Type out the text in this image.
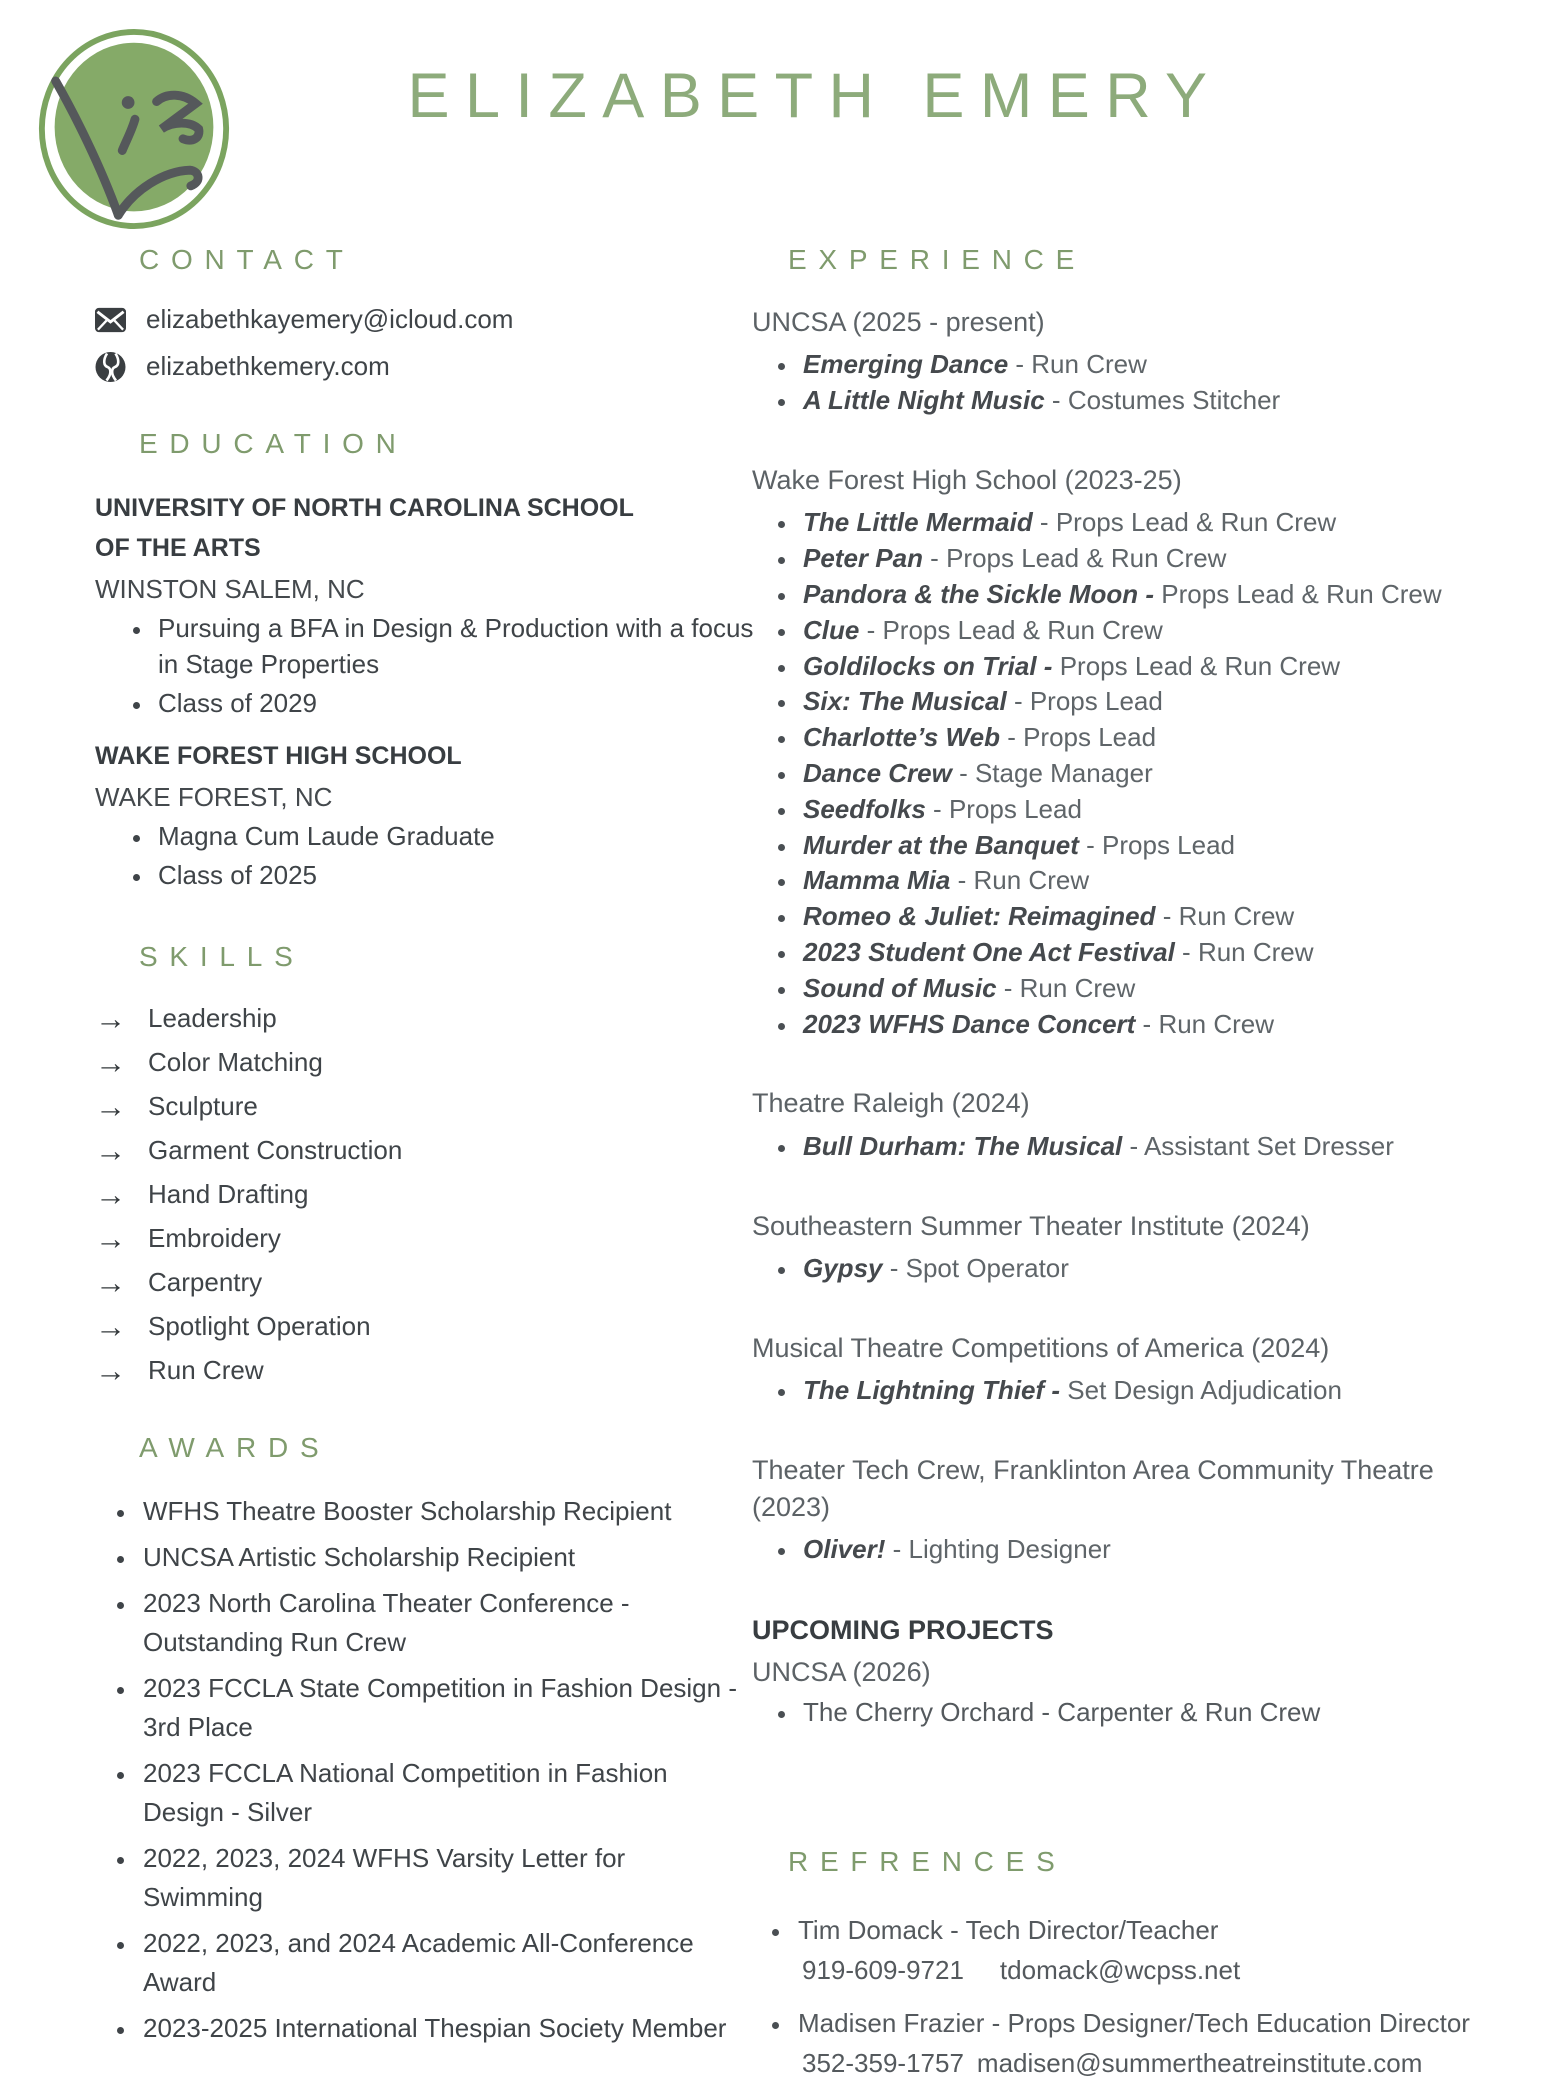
ELIZABETH EMERY
CONTACT
elizabethkayemery@icloud.com
elizabethkemery.com
EDUCATION
UNIVERSITY OF NORTH CAROLINA SCHOOL OF THE ARTS
WINSTON SALEM, NC
• Pursuing a BFA in Design & Production with a focus in Stage Properties
• Class of 2029
WAKE FOREST HIGH SCHOOL
WAKE FOREST, NC
• Magna Cum Laude Graduate
• Class of 2025
SKILLS
→ Leadership
→ Color Matching
→ Sculpture
→ Garment Construction
→ Hand Drafting
→ Embroidery
→ Carpentry
→ Spotlight Operation
→ Run Crew
AWARDS
• WFHS Theatre Booster Scholarship Recipient
• UNCSA Artistic Scholarship Recipient
• 2023 North Carolina Theater Conference - Outstanding Run Crew
• 2023 FCCLA State Competition in Fashion Design - 3rd Place
• 2023 FCCLA National Competition in Fashion Design - Silver
• 2022, 2023, 2024 WFHS Varsity Letter for Swimming
• 2022, 2023, and 2024 Academic All-Conference Award
• 2023-2025 International Thespian Society Member
EXPERIENCE
UNCSA (2025 - present)
• Emerging Dance - Run Crew
• A Little Night Music - Costumes Stitcher
Wake Forest High School (2023-25)
• The Little Mermaid - Props Lead & Run Crew
• Peter Pan - Props Lead & Run Crew
• Pandora & the Sickle Moon - Props Lead & Run Crew
• Clue - Props Lead & Run Crew
• Goldilocks on Trial - Props Lead & Run Crew
• Six: The Musical - Props Lead
• Charlotte’s Web - Props Lead
• Dance Crew - Stage Manager
• Seedfolks - Props Lead
• Murder at the Banquet - Props Lead
• Mamma Mia - Run Crew
• Romeo & Juliet: Reimagined - Run Crew
• 2023 Student One Act Festival - Run Crew
• Sound of Music - Run Crew
• 2023 WFHS Dance Concert - Run Crew
Theatre Raleigh (2024)
• Bull Durham: The Musical - Assistant Set Dresser
Southeastern Summer Theater Institute (2024)
• Gypsy - Spot Operator
Musical Theatre Competitions of America (2024)
• The Lightning Thief - Set Design Adjudication
Theater Tech Crew, Franklinton Area Community Theatre (2023)
• Oliver! - Lighting Designer
UPCOMING PROJECTS
UNCSA (2026)
• The Cherry Orchard - Carpenter & Run Crew
REFRENCES
• Tim Domack - Tech Director/Teacher
919-609-9721 tdomack@wcpss.net
• Madisen Frazier - Props Designer/Tech Education Director
352-359-1757 madisen@summertheatreinstitute.com
